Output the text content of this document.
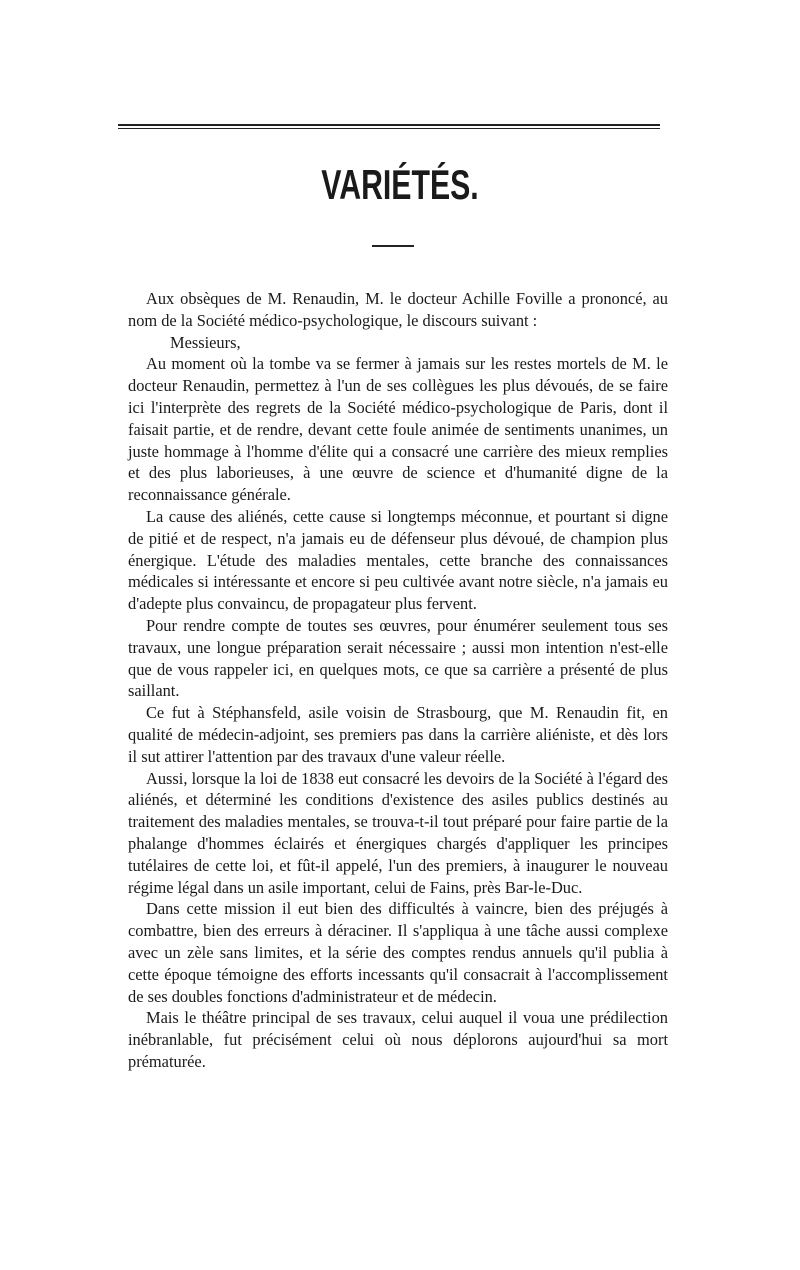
VARIÉTÉS.

Aux obsèques de M. Renaudin, M. le docteur Achille Foville a prononcé, au nom de la Société médico-psychologique, le discours suivant :

Messieurs,

Au moment où la tombe va se fermer à jamais sur les restes mortels de M. le docteur Renaudin, permettez à l'un de ses collègues les plus dévoués, de se faire ici l'interprète des regrets de la Société médico-psychologique de Paris, dont il faisait partie, et de rendre, devant cette foule animée de sentiments unanimes, un juste hommage à l'homme d'élite qui a consacré une carrière des mieux remplies et des plus laborieuses, à une œuvre de science et d'humanité digne de la reconnaissance générale.

La cause des aliénés, cette cause si longtemps méconnue, et pourtant si digne de pitié et de respect, n'a jamais eu de défenseur plus dévoué, de champion plus énergique. L'étude des maladies mentales, cette branche des connaissances médicales si intéressante et encore si peu cultivée avant notre siècle, n'a jamais eu d'adepte plus convaincu, de propagateur plus fervent.

Pour rendre compte de toutes ses œuvres, pour énumérer seulement tous ses travaux, une longue préparation serait nécessaire ; aussi mon intention n'est-elle que de vous rappeler ici, en quelques mots, ce que sa carrière a présenté de plus saillant.

Ce fut à Stéphansfeld, asile voisin de Strasbourg, que M. Renaudin fit, en qualité de médecin-adjoint, ses premiers pas dans la carrière aliéniste, et dès lors il sut attirer l'attention par des travaux d'une valeur réelle.

Aussi, lorsque la loi de 1838 eut consacré les devoirs de la Société à l'égard des aliénés, et déterminé les conditions d'existence des asiles publics destinés au traitement des maladies mentales, se trouva-t-il tout préparé pour faire partie de la phalange d'hommes éclairés et énergiques chargés d'appliquer les principes tutélaires de cette loi, et fût-il appelé, l'un des premiers, à inaugurer le nouveau régime légal dans un asile important, celui de Fains, près Bar-le-Duc.

Dans cette mission il eut bien des difficultés à vaincre, bien des préjugés à combattre, bien des erreurs à déraciner. Il s'appliqua à une tâche aussi complexe avec un zèle sans limites, et la série des comptes rendus annuels qu'il publia à cette époque témoigne des efforts incessants qu'il consacrait à l'accomplissement de ses doubles fonctions d'administrateur et de médecin.

Mais le théâtre principal de ses travaux, celui auquel il voua une prédilection inébranlable, fut précisément celui où nous déplorons aujourd'hui sa mort prématurée.
